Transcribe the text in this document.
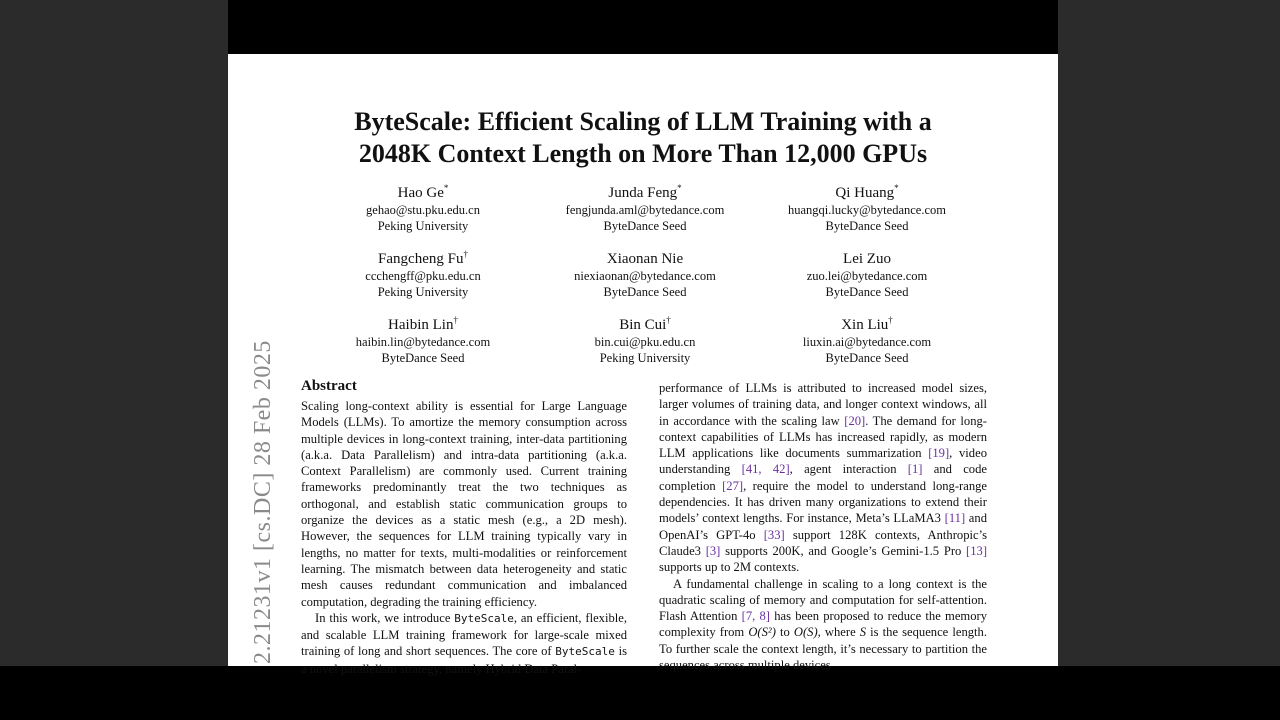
2.21231v1 [cs.DC] 28 Feb 2025
ByteScale: Efficient Scaling of LLM Training with a
2048K Context Length on More Than 12,000 GPUs
Hao Ge*
gehao@stu.pku.edu.cn
Peking University
Junda Feng*
fengjunda.aml@bytedance.com
ByteDance Seed
Qi Huang*
huangqi.lucky@bytedance.com
ByteDance Seed
Fangcheng Fu†
ccchengff@pku.edu.cn
Peking University
Xiaonan Nie
niexiaonan@bytedance.com
ByteDance Seed
Lei Zuo
zuo.lei@bytedance.com
ByteDance Seed
Haibin Lin†
haibin.lin@bytedance.com
ByteDance Seed
Bin Cui†
bin.cui@pku.edu.cn
Peking University
Xin Liu†
liuxin.ai@bytedance.com
ByteDance Seed
Abstract

Scaling long-context ability is essential for Large Language Models (LLMs). To amortize the memory consumption across multiple devices in long-context training, inter-data partitioning (a.k.a. Data Parallelism) and intra-data partitioning (a.k.a. Context Parallelism) are commonly used. Current training frameworks predominantly treat the two techniques as orthogonal, and establish static communication groups to organize the devices as a static mesh (e.g., a 2D mesh). However, the sequences for LLM training typically vary in lengths, no matter for texts, multi-modalities or reinforcement learning. The mismatch between data heterogeneity and static mesh causes redundant communication and imbalanced computation, degrading the training efficiency.

In this work, we introduce ByteScale, an efficient, flexible, and scalable LLM training framework for large-scale mixed training of long and short sequences. The core of ByteScale is a novel parallelism strategy, namely Hybrid Data Paral-

performance of LLMs is attributed to increased model sizes, larger volumes of training data, and longer context windows, all in accordance with the scaling law [20]. The demand for long-context capabilities of LLMs has increased rapidly, as modern LLM applications like documents summarization [19], video understanding [41, 42], agent interaction [1] and code completion [27], require the model to understand long-range dependencies. It has driven many organizations to extend their models’ context lengths. For instance, Meta’s LLaMA3 [11] and OpenAI’s GPT-4o [33] support 128K contexts, Anthropic’s Claude3 [3] supports 200K, and Google’s Gemini-1.5 Pro [13] supports up to 2M contexts.

A fundamental challenge in scaling to a long context is the quadratic scaling of memory and computation for self-attention. Flash Attention [7, 8] has been proposed to reduce the memory complexity from O(S²) to O(S), where S is the sequence length. To further scale the context length, it’s necessary to partition the sequences across multiple devices
